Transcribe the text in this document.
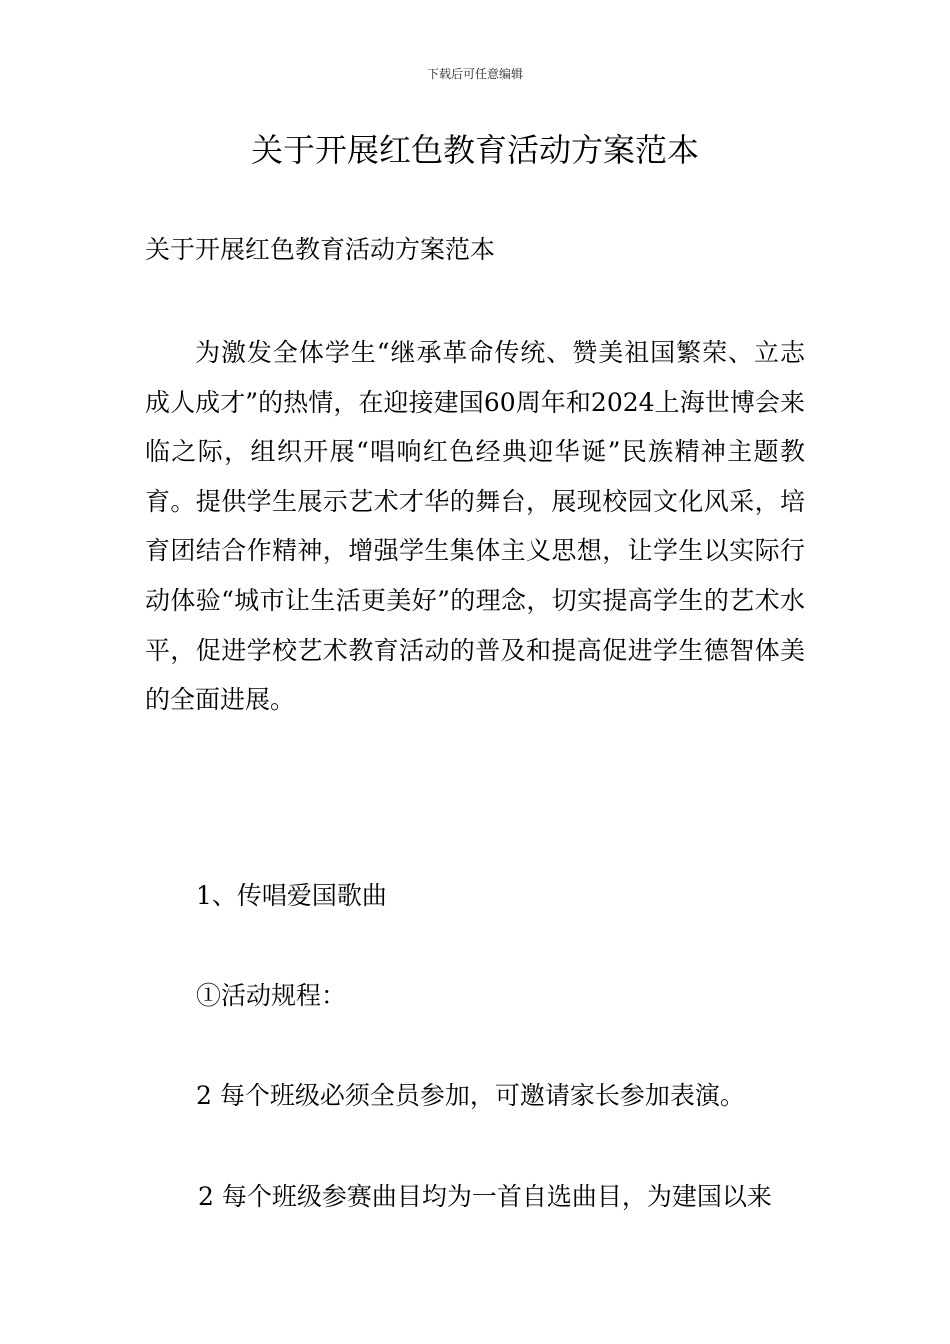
下载后可任意编辑
关于开展红色教育活动方案范本
关于开展红色教育活动方案范本

为激发全体学生“继承革命传统、赞美祖国繁荣、立志成人成才”的热情，在迎接建国60周年和2024上海世博会来临之际，组织开展“唱响红色经典迎华诞”民族精神主题教育。提供学生展示艺术才华的舞台，展现校园文化风采，培育团结合作精神，增强学生集体主义思想，让学生以实际行动体验“城市让生活更美好”的理念，切实提高学生的艺术水平，促进学校艺术教育活动的普及和提高促进学生德智体美的全面进展。

1、传唱爱国歌曲
①活动规程：
2 每个班级必须全员参加，可邀请家长参加表演。
2 每个班级参赛曲目均为一首自选曲目，为建国以来
